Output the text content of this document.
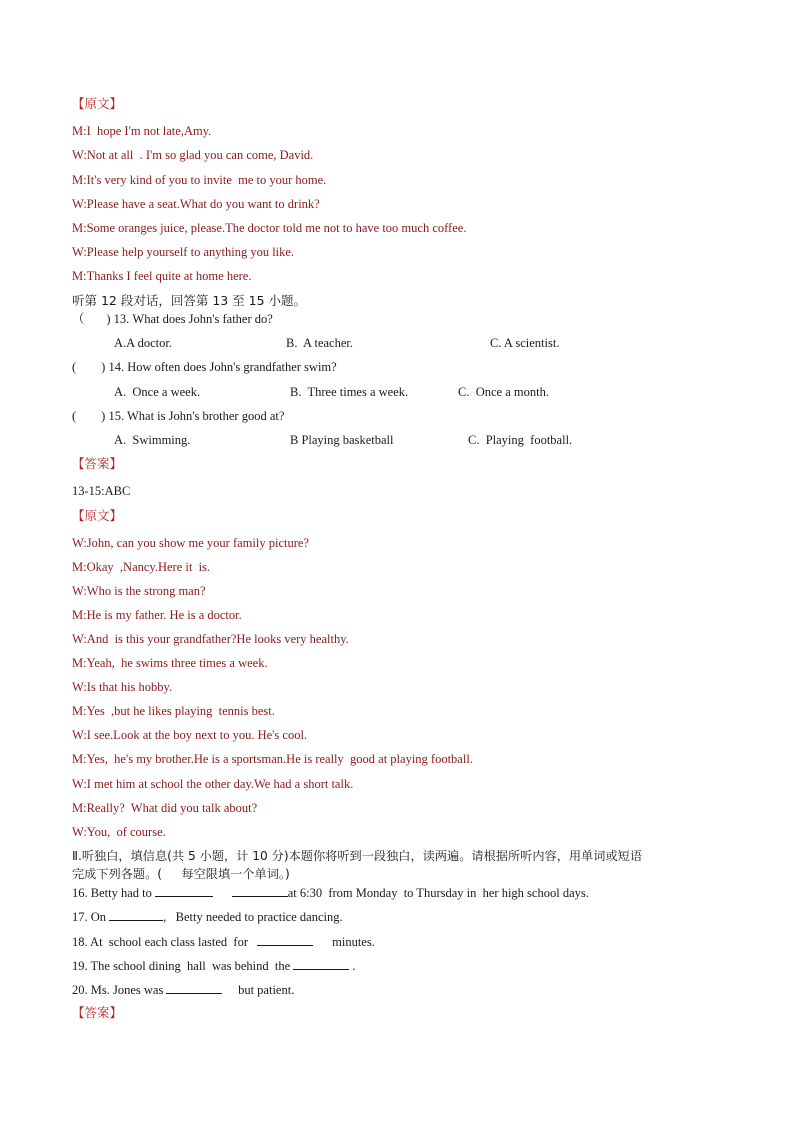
【原文】
M:I  hope I'm not late,Amy.
W:Not at all  . I'm so glad you can come, David.
M:It's very kind of you to invite  me to your home.
W:Please have a seat.What do you want to drink?
M:Some oranges juice, please.The doctor told me not to have too much coffee.
W:Please help yourself to anything you like.
M:Thanks I feel quite at home here.
听第 12 段对话，回答第 13 至 15 小题。
（       ) 13. What does John's father do?
A.A doctor.	B.  A teacher.	C. A scientist.
(        ) 14. How often does John's grandfather swim?
A.  Once a week.	B.  Three times a week.	C.  Once a month.
(        ) 15. What is John's brother good at?
A.  Swimming.	B Playing basketball	C.  Playing  football.
【答案】
13-15:ABC
【原文】
W:John, can you show me your family picture?
M:Okay  ,Nancy.Here it  is.
W:Who is the strong man?
M:He is my father. He is a doctor.
W:And  is this your grandfather?He looks very healthy.
M:Yeah,  he swims three times a week.
W:Is that his hobby.
M:Yes  ,but he likes playing  tennis best.
W:I see.Look at the boy next to you. He's cool.
M:Yes,  he's my brother.He is a sportsman.He is really  good at playing football.
W:I met him at school the other day.We had a short talk.
M:Really?  What did you talk about?
W:You,  of course.
Ⅱ.听独白，填信息(共 5 小题，计 10 分)本题你将听到一段独白，读两遍。请根据所听内容，用单词或短语
完成下列各题。(     每空限填一个单词。)
16. Betty had to	at 6:30  from Monday  to Thursday in  her high school days.
17. On	,   Betty needed to practice dancing.
18. At  school each class lasted  for	minutes.
19. The school dining  hall  was behind  the	.
20. Ms. Jones was	but patient.
【答案】
